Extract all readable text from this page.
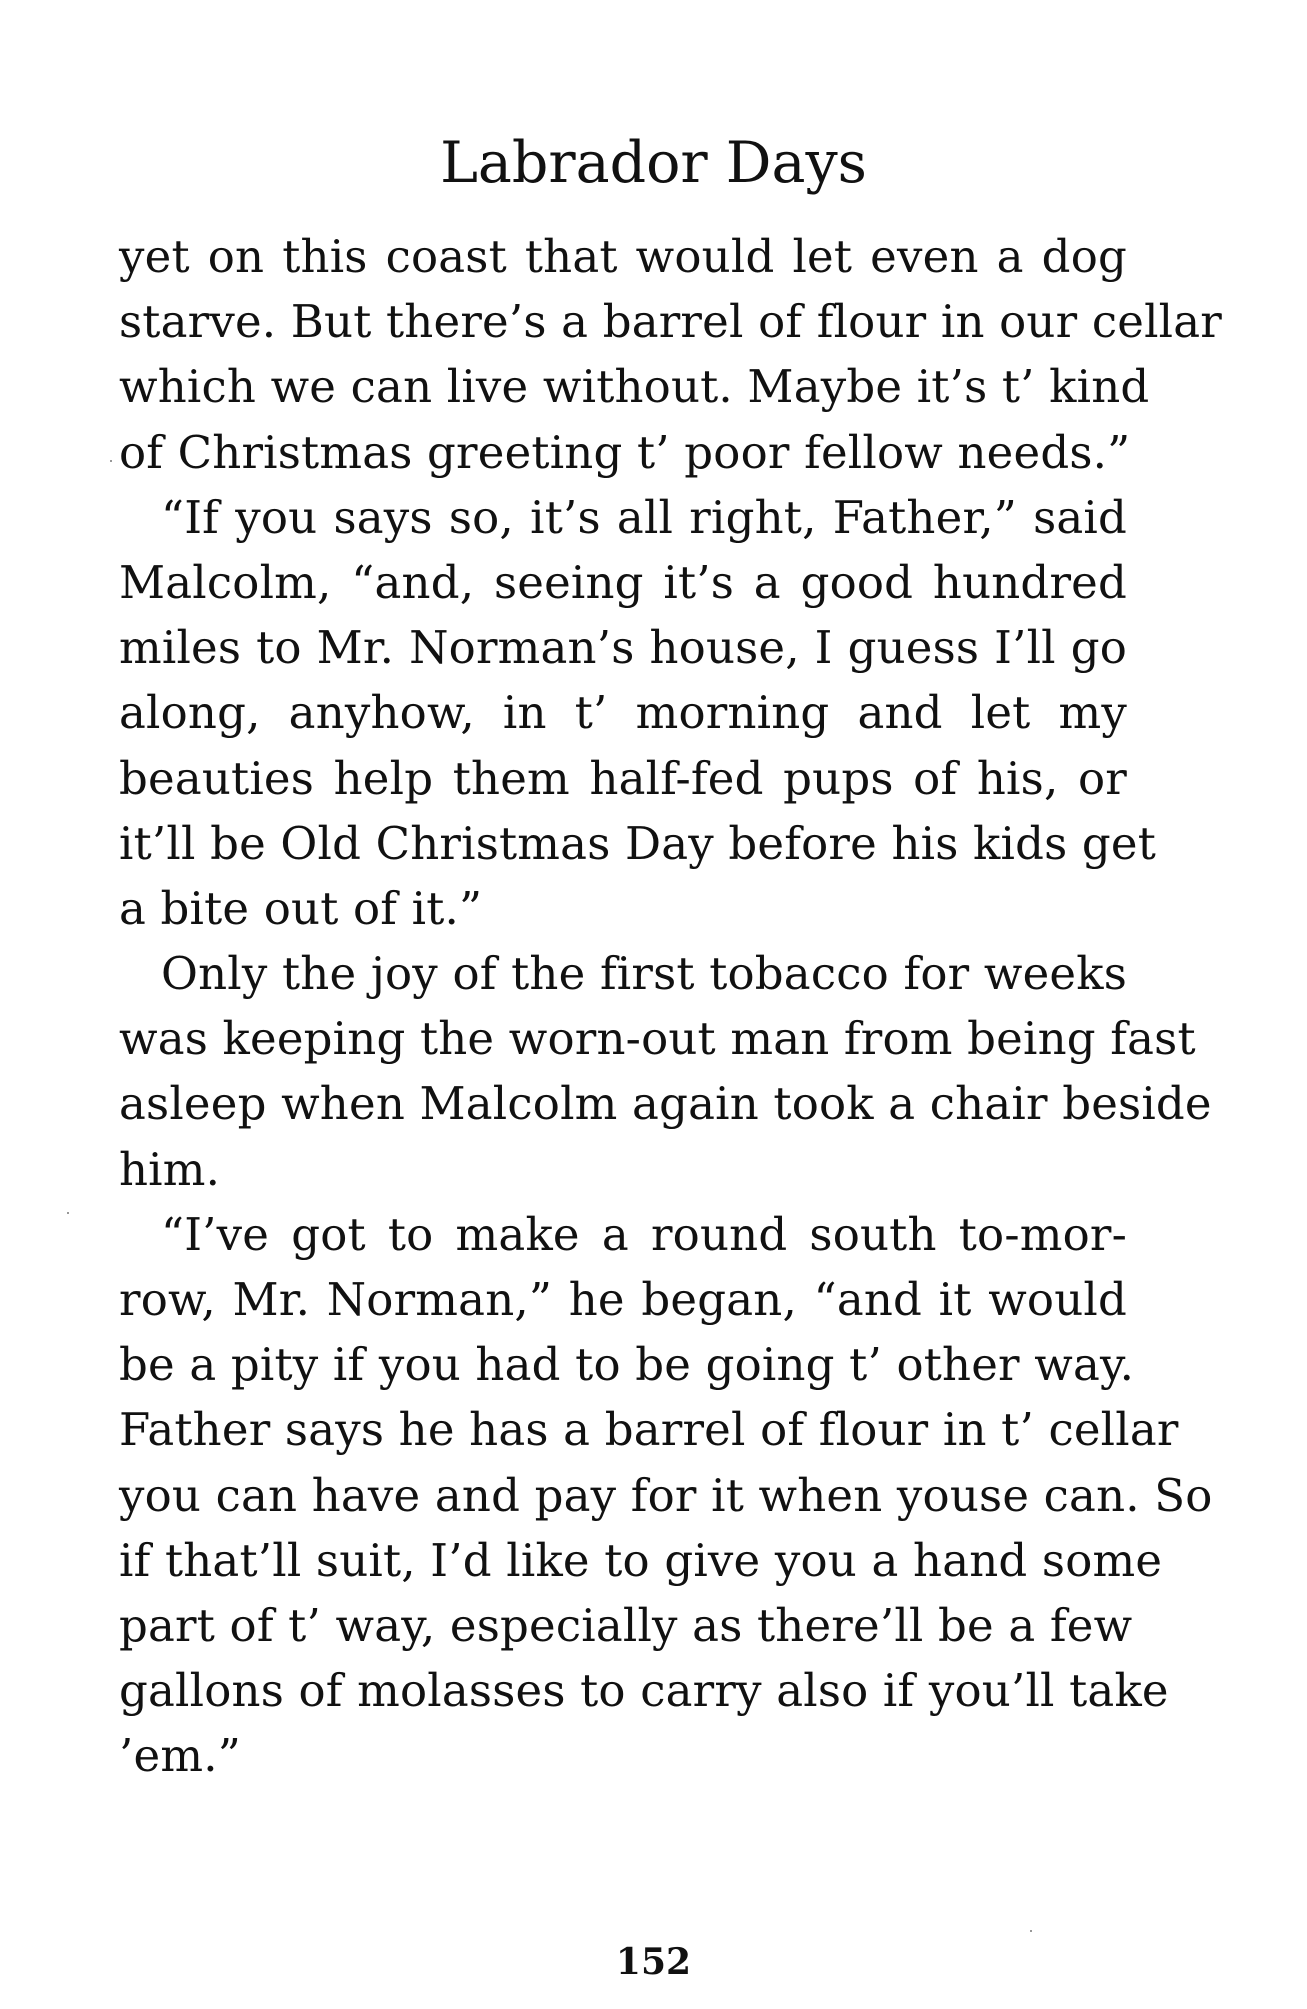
Labrador Days
yet on this coast that would let even a dog
starve. But there’s a barrel of flour in our cellar
which we can live without. Maybe it’s t’ kind
of Christmas greeting t’ poor fellow needs.”
“If you says so, it’s all right, Father,” said
Malcolm, “and, seeing it’s a good hundred
miles to Mr. Norman’s house, I guess I’ll go
along, anyhow, in t’ morning and let my
beauties help them half-fed pups of his, or
it’ll be Old Christmas Day before his kids get
a bite out of it.”
Only the joy of the first tobacco for weeks
was keeping the worn-out man from being fast
asleep when Malcolm again took a chair beside
him.
“I’ve got to make a round south to-mor-
row, Mr. Norman,” he began, “and it would
be a pity if you had to be going t’ other way.
Father says he has a barrel of flour in t’ cellar
you can have and pay for it when youse can. So
if that’ll suit, I’d like to give you a hand some
part of t’ way, especially as there’ll be a few
gallons of molasses to carry also if you’ll take
’em.”
152
